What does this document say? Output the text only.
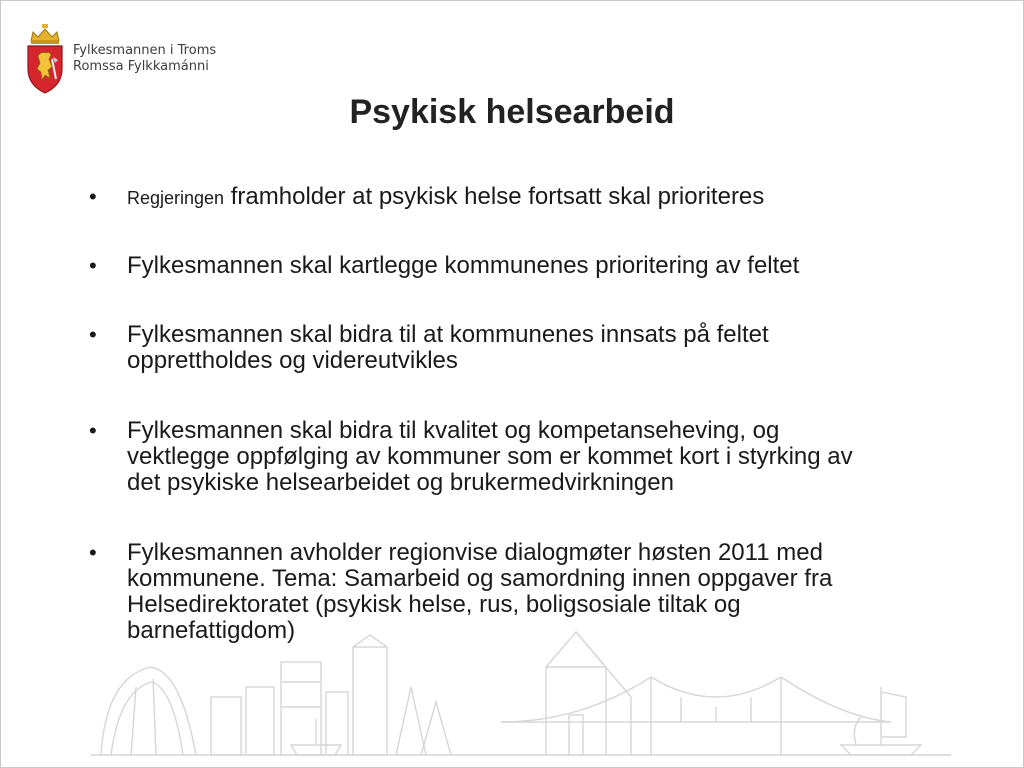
Fylkesmannen i Troms
Romssa Fylkkamánni
Psykisk helsearbeid
• Regjeringen framholder at psykisk helse fortsatt skal prioriteres
• Fylkesmannen skal kartlegge kommunenes prioritering av feltet
• Fylkesmannen skal bidra til at kommunenes innsats på feltet
opprettholdes og videreutvikles
• Fylkesmannen skal bidra til kvalitet og kompetanseheving, og
vektlegge oppfølging av kommuner som er kommet kort i styrking av
det psykiske helsearbeidet og brukermedvirkningen
• Fylkesmannen avholder regionvise dialogmøter høsten 2011 med
kommunene. Tema: Samarbeid og samordning innen oppgaver fra
Helsedirektoratet (psykisk helse, rus, boligsosiale tiltak og
barnefattigdom)
